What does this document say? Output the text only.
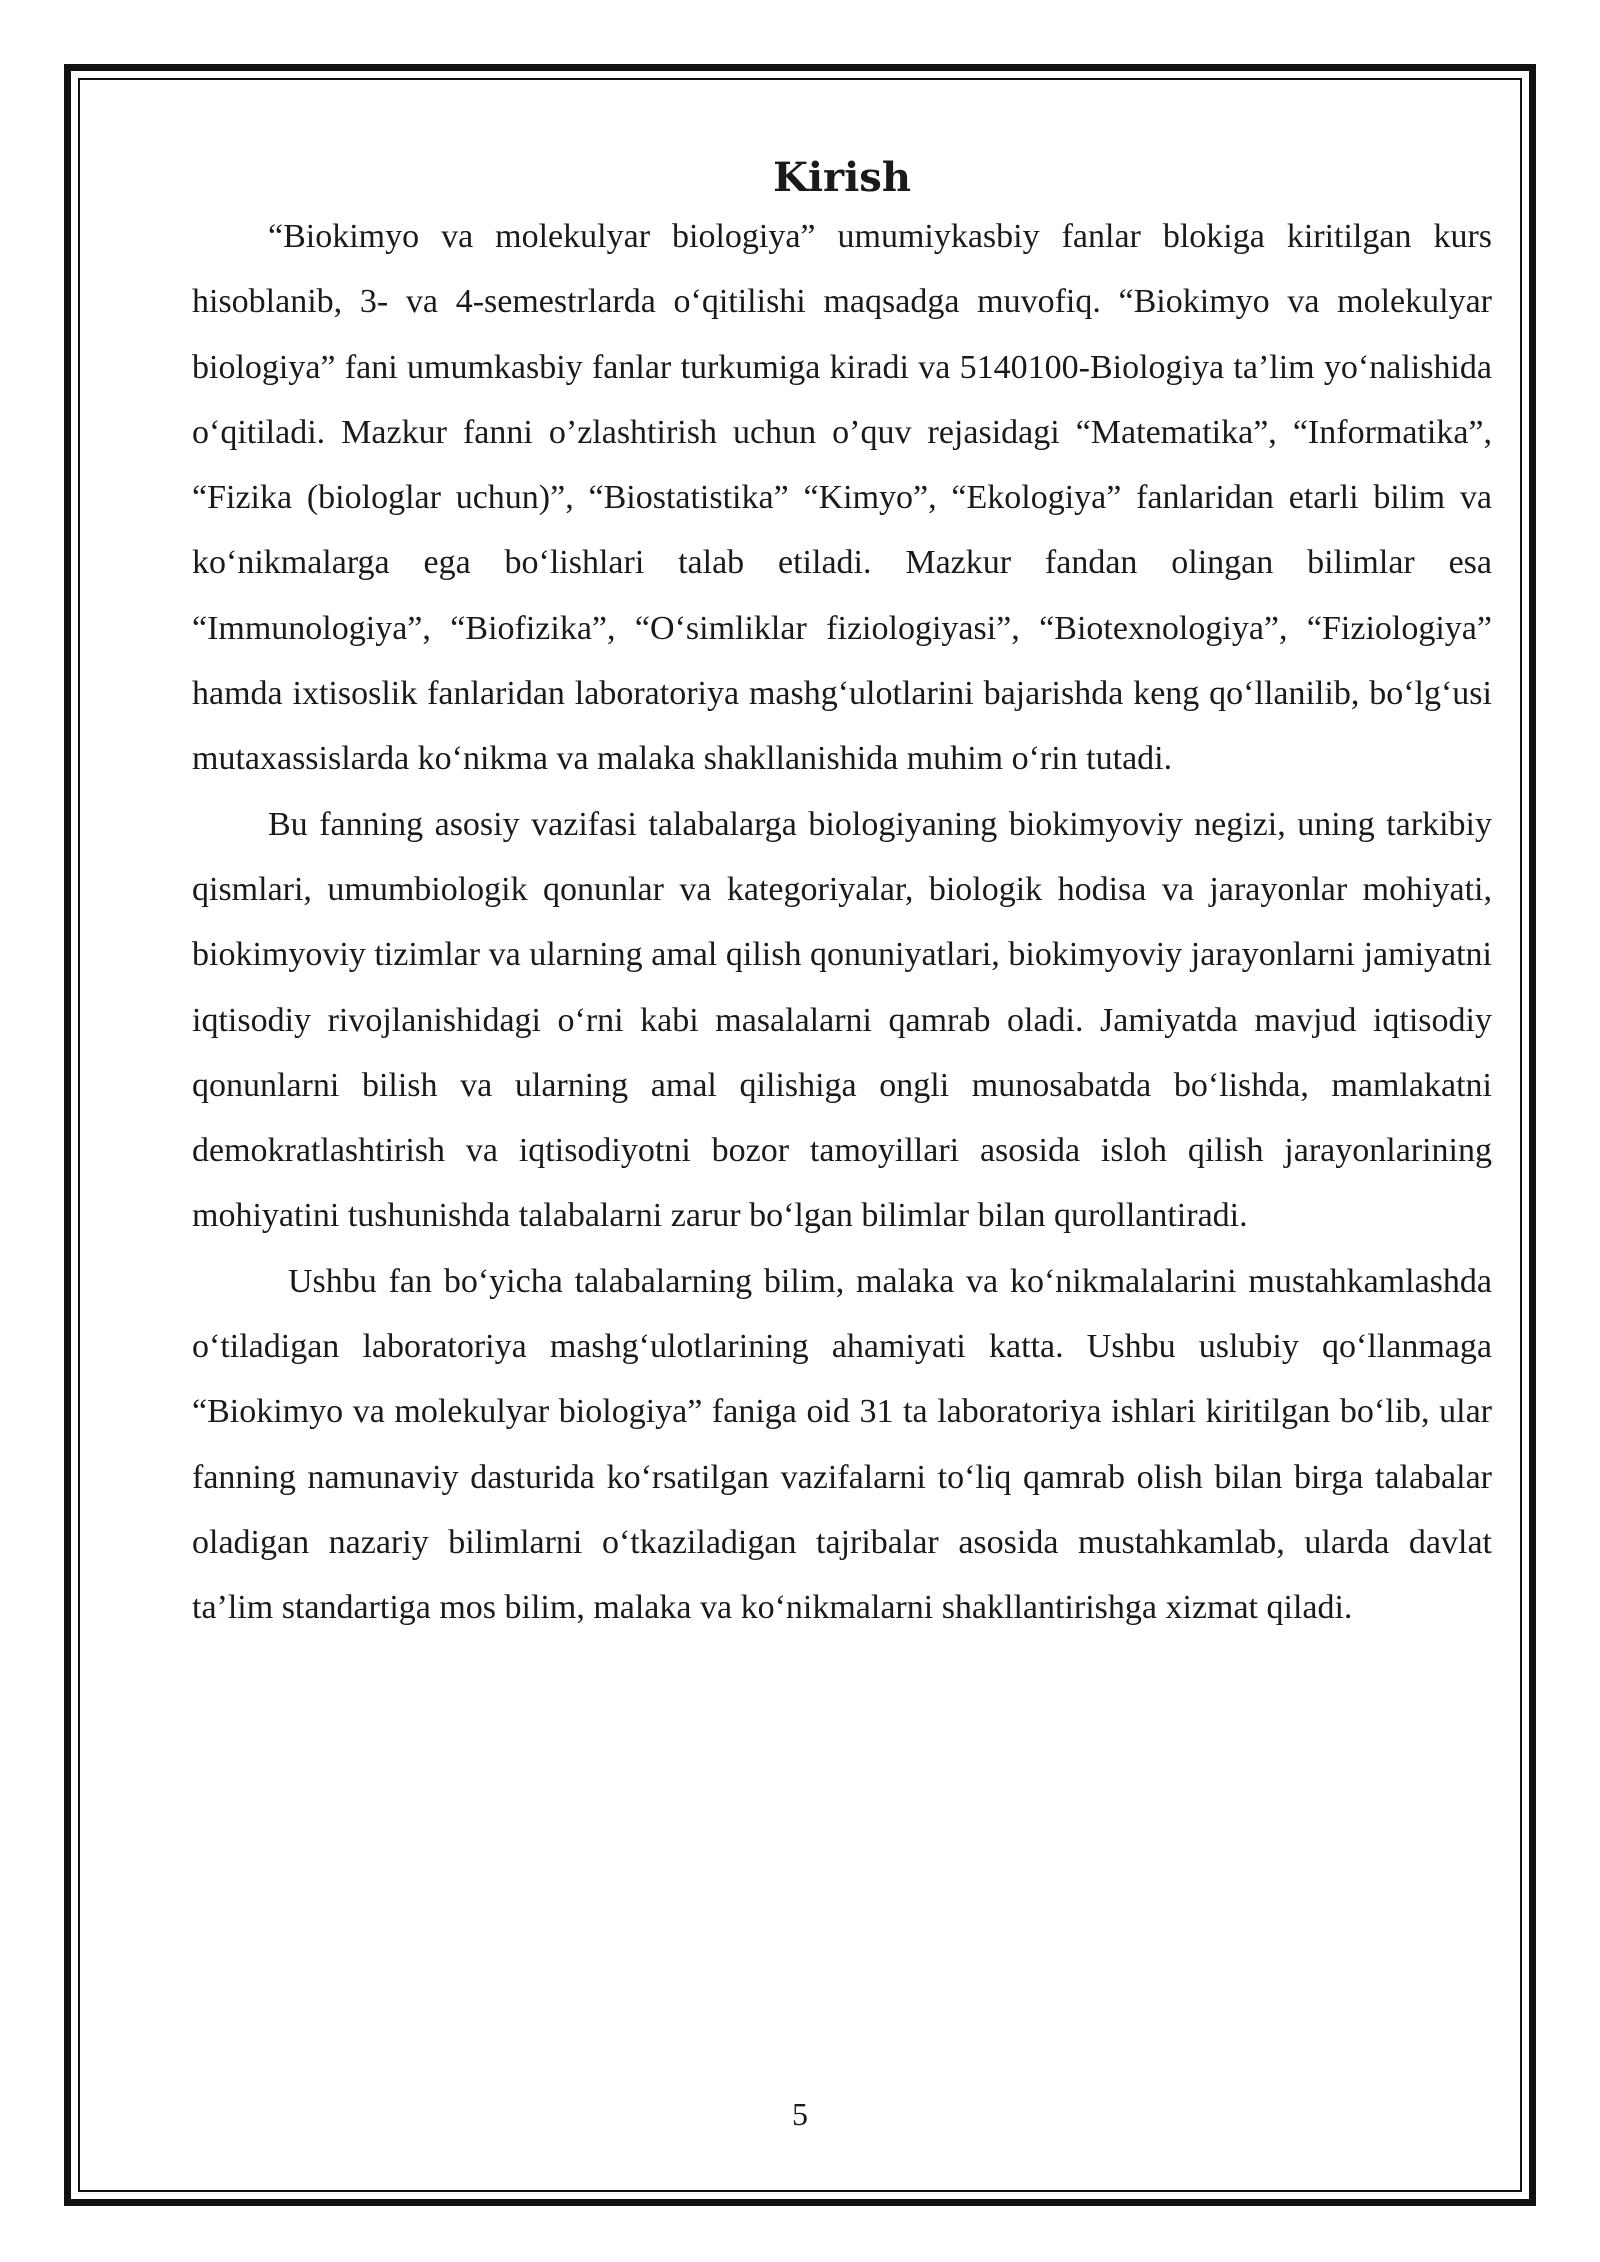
Kirish

“Biokimyo va molekulyar biologiya” umumiykasbiy fanlar blokiga kiritilgan kurs hisoblanib, 3- va 4-semestrlarda o‘qitilishi maqsadga muvofiq. “Biokimyo va molekulyar biologiya” fani umumkasbiy fanlar turkumiga kiradi va 5140100-Biologiya ta’lim yo‘nalishida o‘qitiladi. Mazkur fanni o’zlashtirish uchun o’quv rejasidagi “Matematika”, “Informatika”, “Fizika (biologlar uchun)”, “Biostatistika” “Kimyo”, “Ekologiya” fanlaridan etarli bilim va ko‘nikmalarga ega bo‘lishlari talab etiladi. Mazkur fandan olingan bilimlar esa “Immunologiya”, “Biofizika”, “O‘simliklar fiziologiyasi”, “Biotexnologiya”, “Fiziologiya” hamda ixtisoslik fanlaridan laboratoriya mashg‘ulotlarini bajarishda keng qo‘llanilib, bo‘lg‘usi mutaxassislarda ko‘nikma va malaka shakllanishida muhim o‘rin tutadi.

Bu fanning asosiy vazifasi talabalarga biologiyaning biokimyoviy negizi, uning tarkibiy qismlari, umumbiologik qonunlar va kategoriyalar, biologik hodisa va jarayonlar mohiyati, biokimyoviy tizimlar va ularning amal qilish qonuniyatlari, biokimyoviy jarayonlarni jamiyatni iqtisodiy rivojlanishidagi o‘rni kabi masalalarni qamrab oladi. Jamiyatda mavjud iqtisodiy qonunlarni bilish va ularning amal qilishiga ongli munosabatda bo‘lishda, mamlakatni demokratlashtirish va iqtisodiyotni bozor tamoyillari asosida isloh qilish jarayonlarining mohiyatini tushunishda talabalarni zarur bo‘lgan bilimlar bilan qurollantiradi.

Ushbu fan bo‘yicha talabalarning bilim, malaka va ko‘nikmalalarini mustahkamlashda o‘tiladigan laboratoriya mashg‘ulotlarining ahamiyati katta. Ushbu uslubiy qo‘llanmaga “Biokimyo va molekulyar biologiya” faniga oid 31 ta laboratoriya ishlari kiritilgan bo‘lib, ular fanning namunaviy dasturida ko‘rsatilgan vazifalarni to‘liq qamrab olish bilan birga talabalar oladigan nazariy bilimlarni o‘tkaziladigan tajribalar asosida mustahkamlab, ularda davlat ta’lim standartiga mos bilim, malaka va ko‘nikmalarni shakllantirishga xizmat qiladi.

5
